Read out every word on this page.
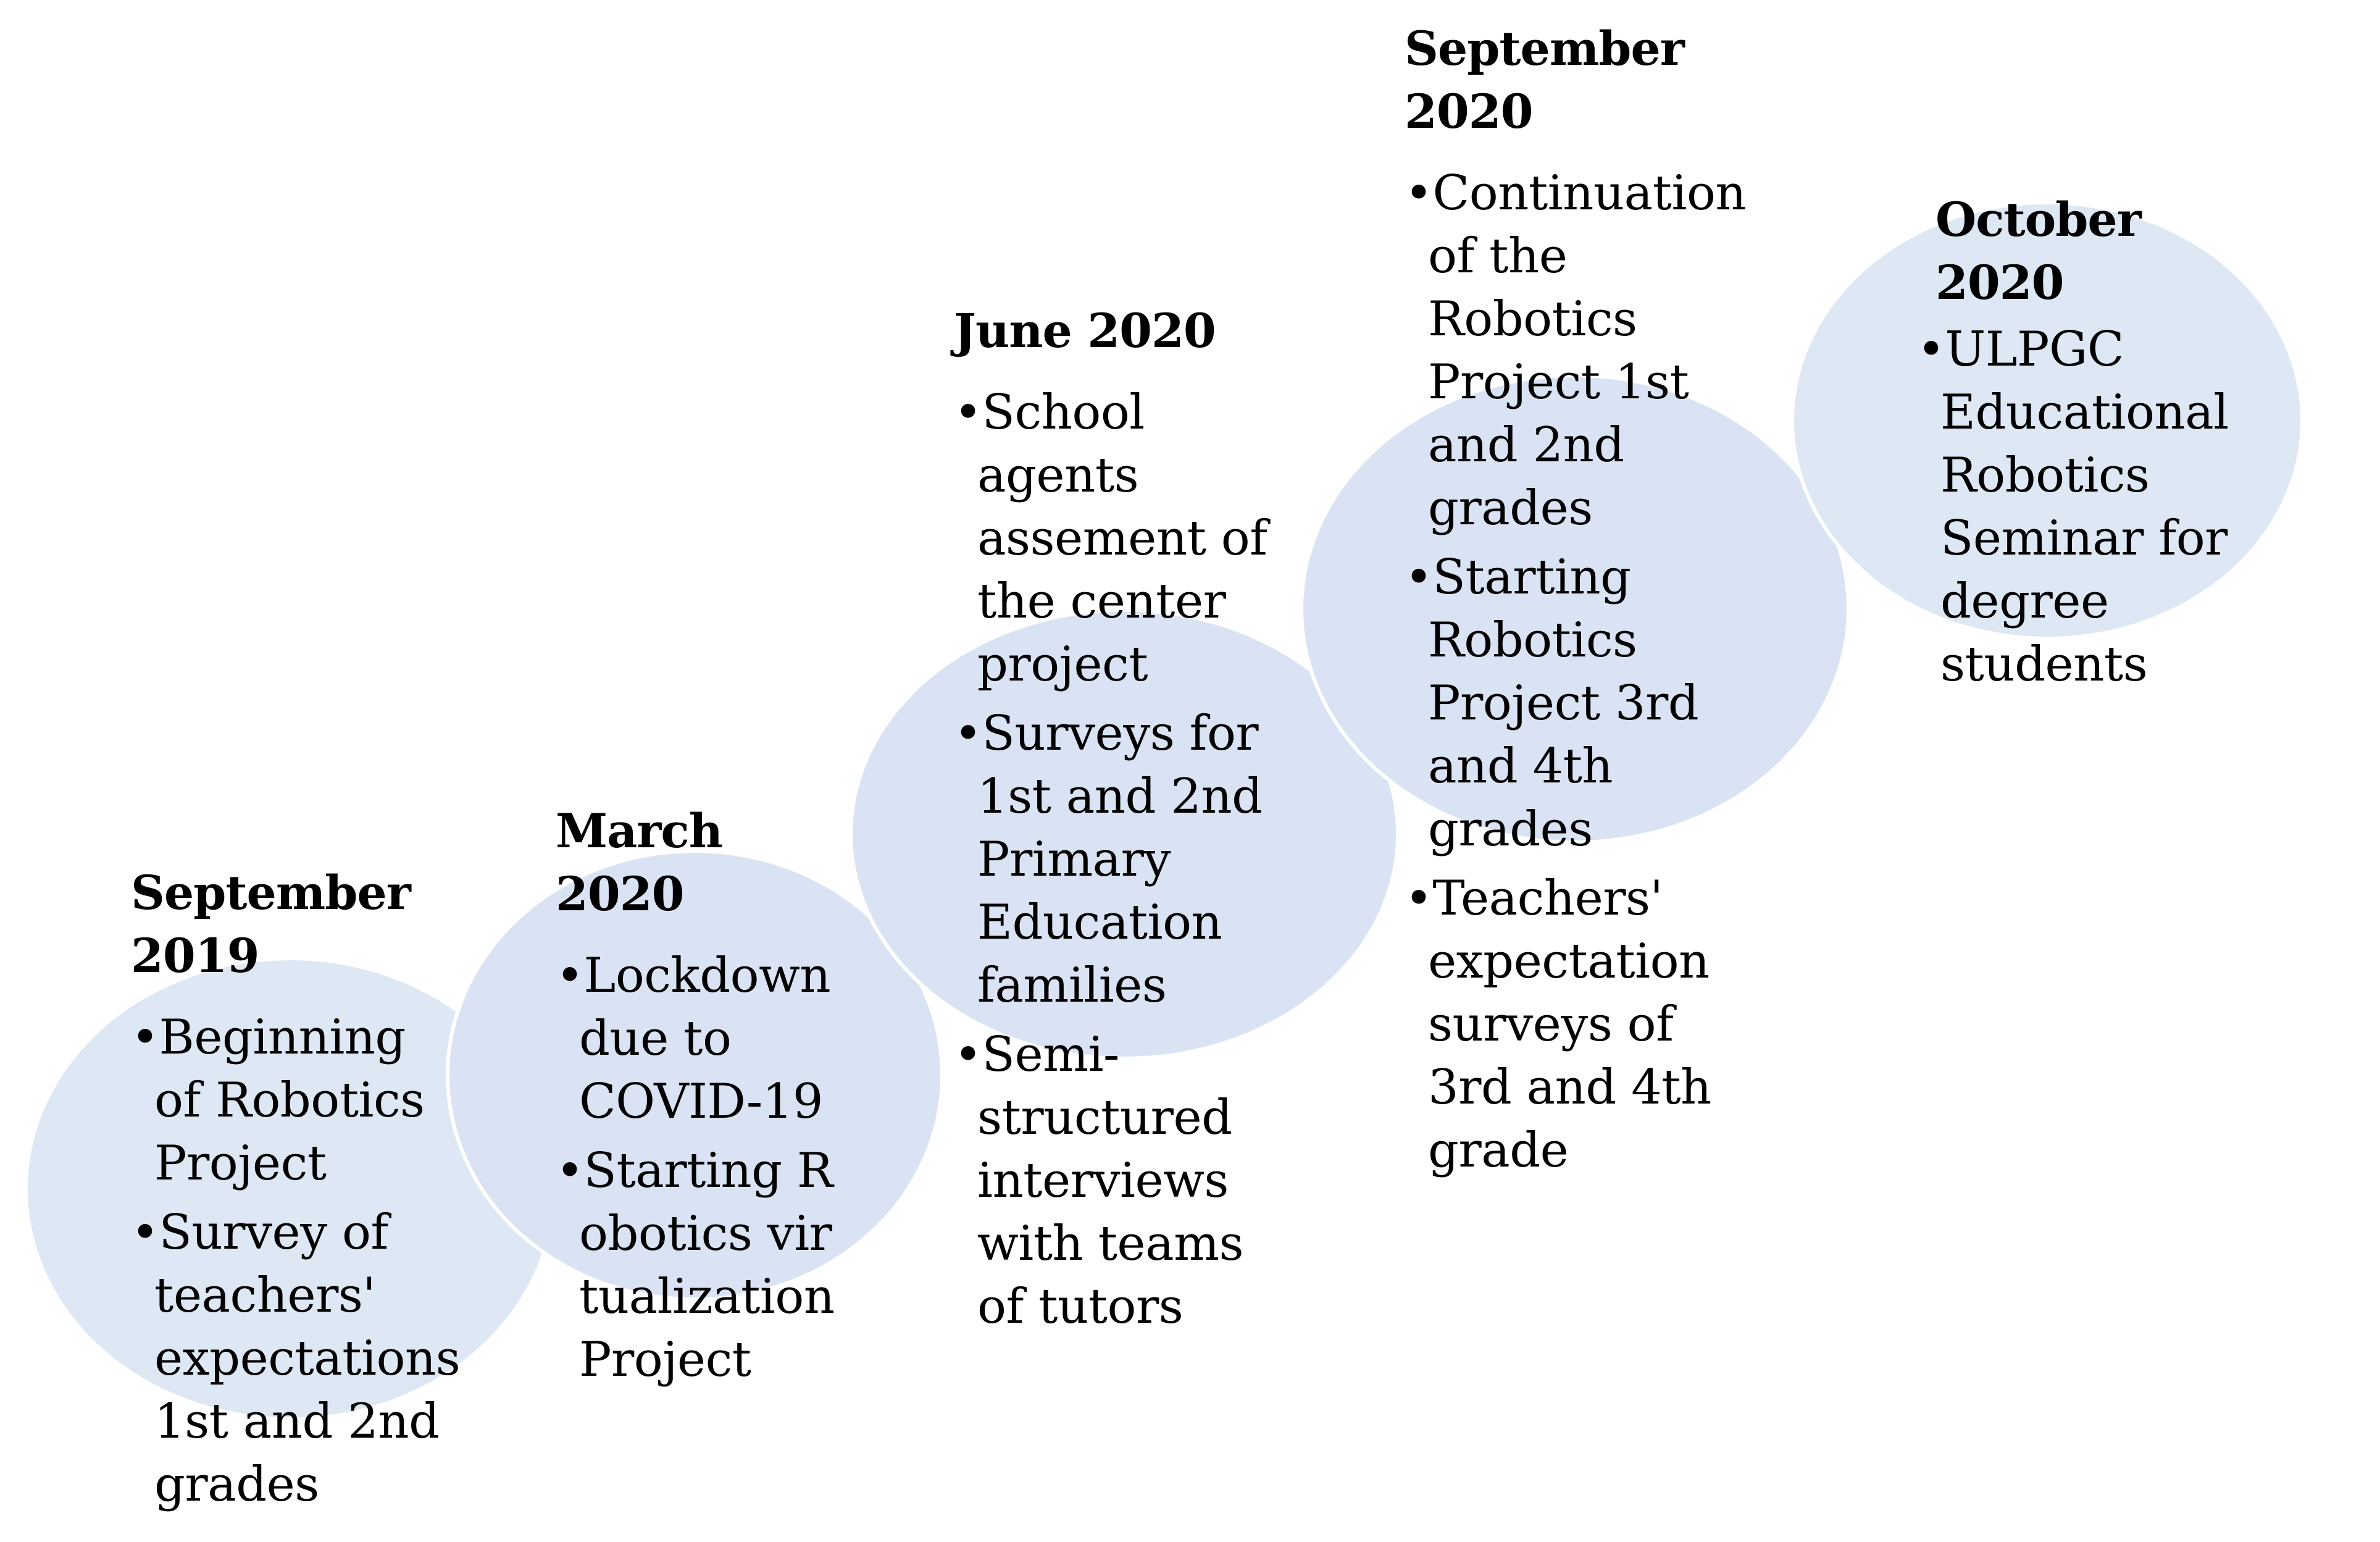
September 2019
•Beginning of Robotics Project
•Survey of teachers' expectations 1st and 2nd grades
March 2020
•Lockdown due to COVID-19
•Starting Robotics virtualization Project
June 2020
•School agents assement of the center project
•Surveys for 1st and 2nd Primary Education families
•Semi-structured interviews with teams of tutors
September 2020
•Continuation of the Robotics Project 1st and 2nd grades
•Starting Robotics Project 3rd and 4th grades
•Teachers' expectation surveys of 3rd and 4th grade
October 2020
•ULPGC Educational Robotics Seminar for degree students
